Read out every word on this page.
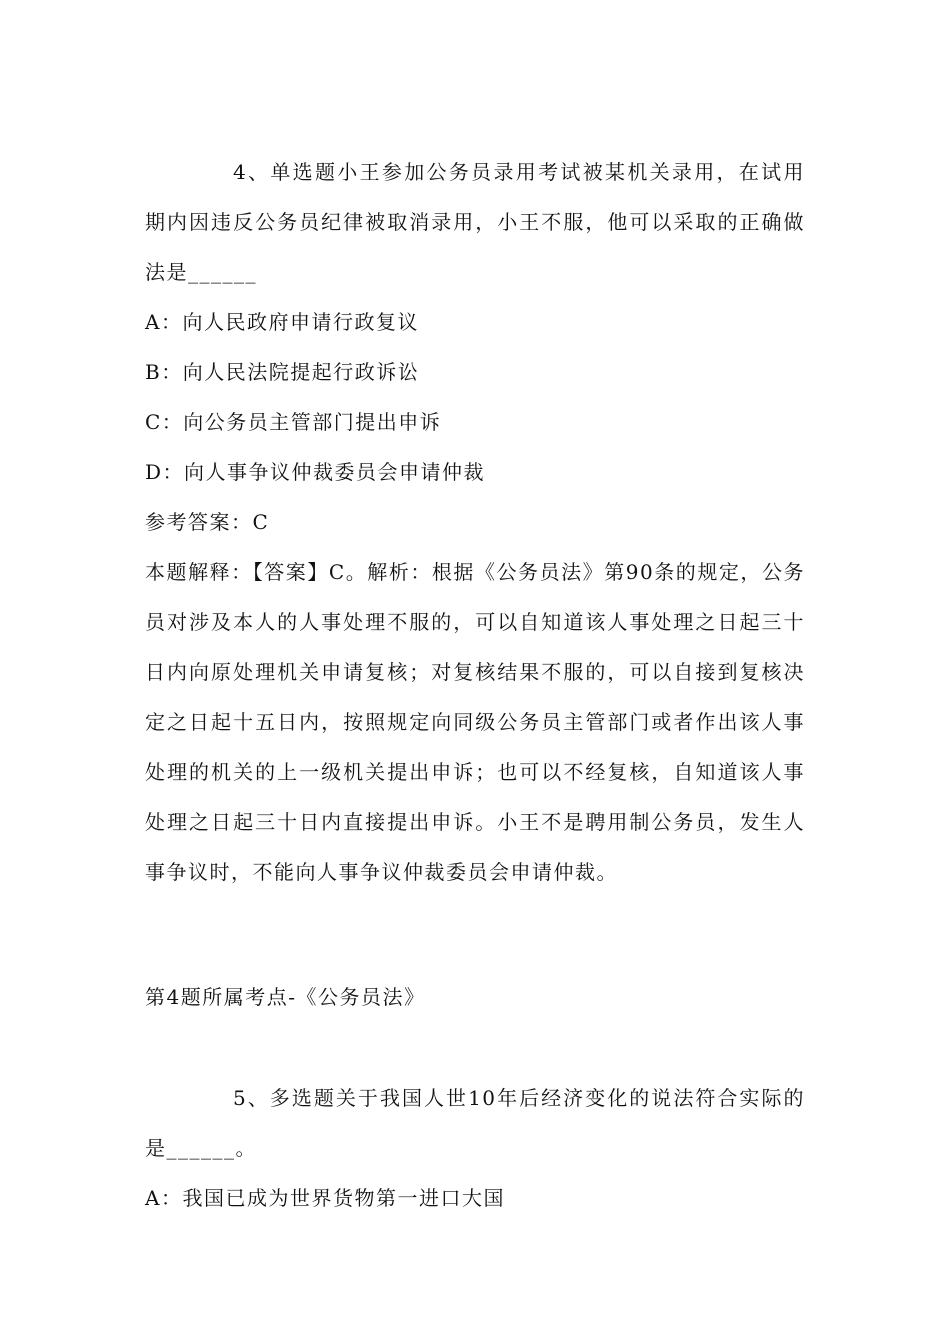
4、单选题小王参加公务员录用考试被某机关录用，在试用期内因违反公务员纪律被取消录用，小王不服，他可以采取的正确做法是______

A：向人民政府申请行政复议

B：向人民法院提起行政诉讼

C：向公务员主管部门提出申诉

D：向人事争议仲裁委员会申请仲裁

参考答案：C

本题解释：【答案】C。解析：根据《公务员法》第90条的规定，公务员对涉及本人的人事处理不服的，可以自知道该人事处理之日起三十日内向原处理机关申请复核；对复核结果不服的，可以自接到复核决定之日起十五日内，按照规定向同级公务员主管部门或者作出该人事处理的机关的上一级机关提出申诉；也可以不经复核，自知道该人事处理之日起三十日内直接提出申诉。小王不是聘用制公务员，发生人事争议时，不能向人事争议仲裁委员会申请仲裁。

第4题所属考点-《公务员法》

5、多选题关于我国人世10年后经济变化的说法符合实际的是______。

A：我国已成为世界货物第一进口大国
